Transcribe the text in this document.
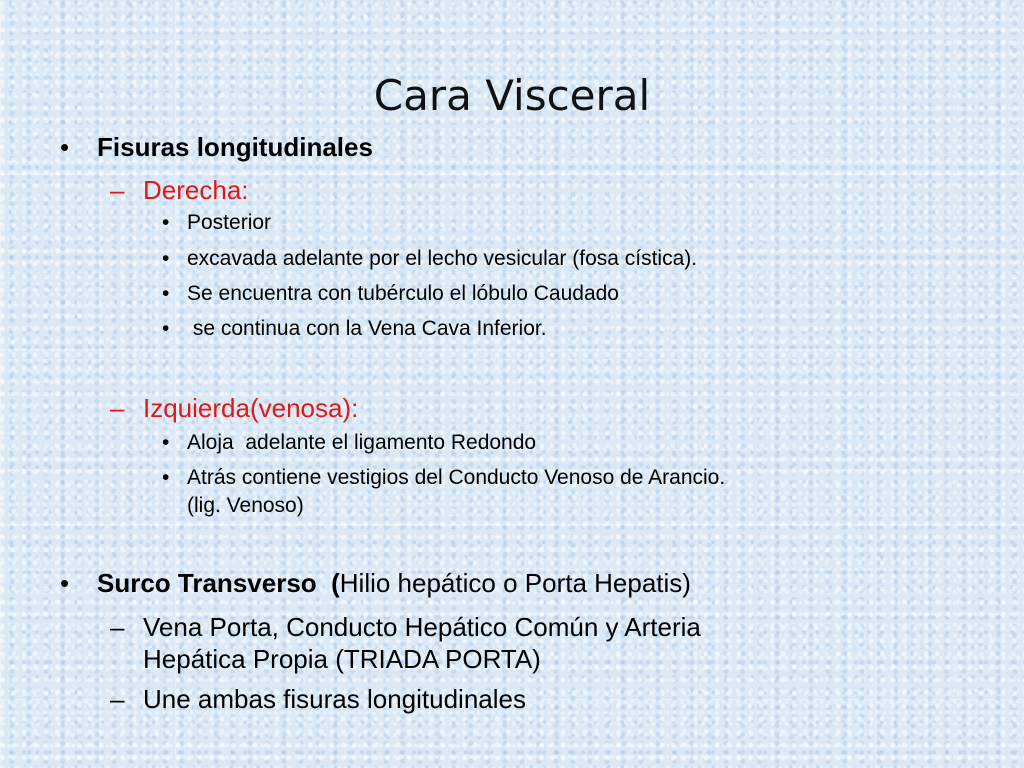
Cara Visceral
• Fisuras longitudinales
– Derecha:
• Posterior
• excavada adelante por el lecho vesicular (fosa cística).
• Se encuentra con tubérculo el lóbulo Caudado
• se continua con la Vena Cava Inferior.
– Izquierda(venosa):
• Aloja  adelante el ligamento Redondo
• Atrás contiene vestigios del Conducto Venoso de Arancio.
(lig. Venoso)
• Surco Transverso  (Hilio hepático o Porta Hepatis)
– Vena Porta, Conducto Hepático Común y Arteria
Hepática Propia (TRIADA PORTA)
– Une ambas fisuras longitudinales
